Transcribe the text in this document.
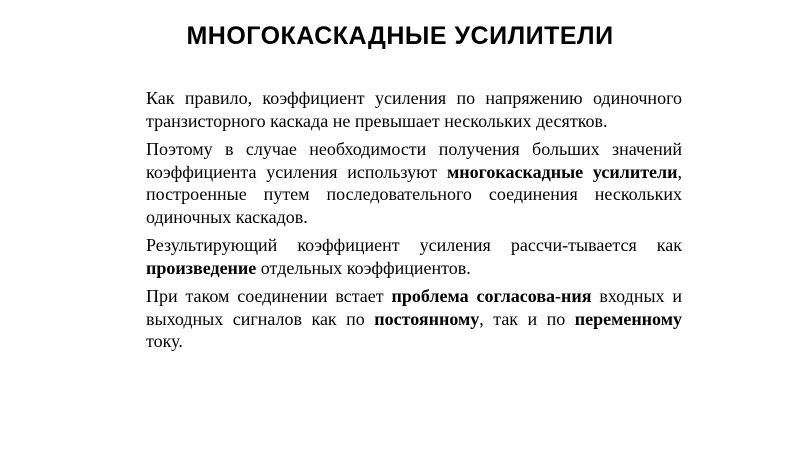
МНОГОКАСКАДНЫЕ УСИЛИТЕЛИ

Как правило, коэффициент усиления по напряжению одиночного транзисторного каскада не превышает нескольких десятков.

Поэтому в случае необходимости получения больших значений коэффициента усиления используют многокаскадные усилители, построенные путем последовательного соединения нескольких одиночных каскадов.

Результирующий коэффициент усиления рассчи-тывается как произведение отдельных коэффициентов.

При таком соединении встает проблема согласова-ния входных и выходных сигналов как по постоянному, так и по переменному току.
